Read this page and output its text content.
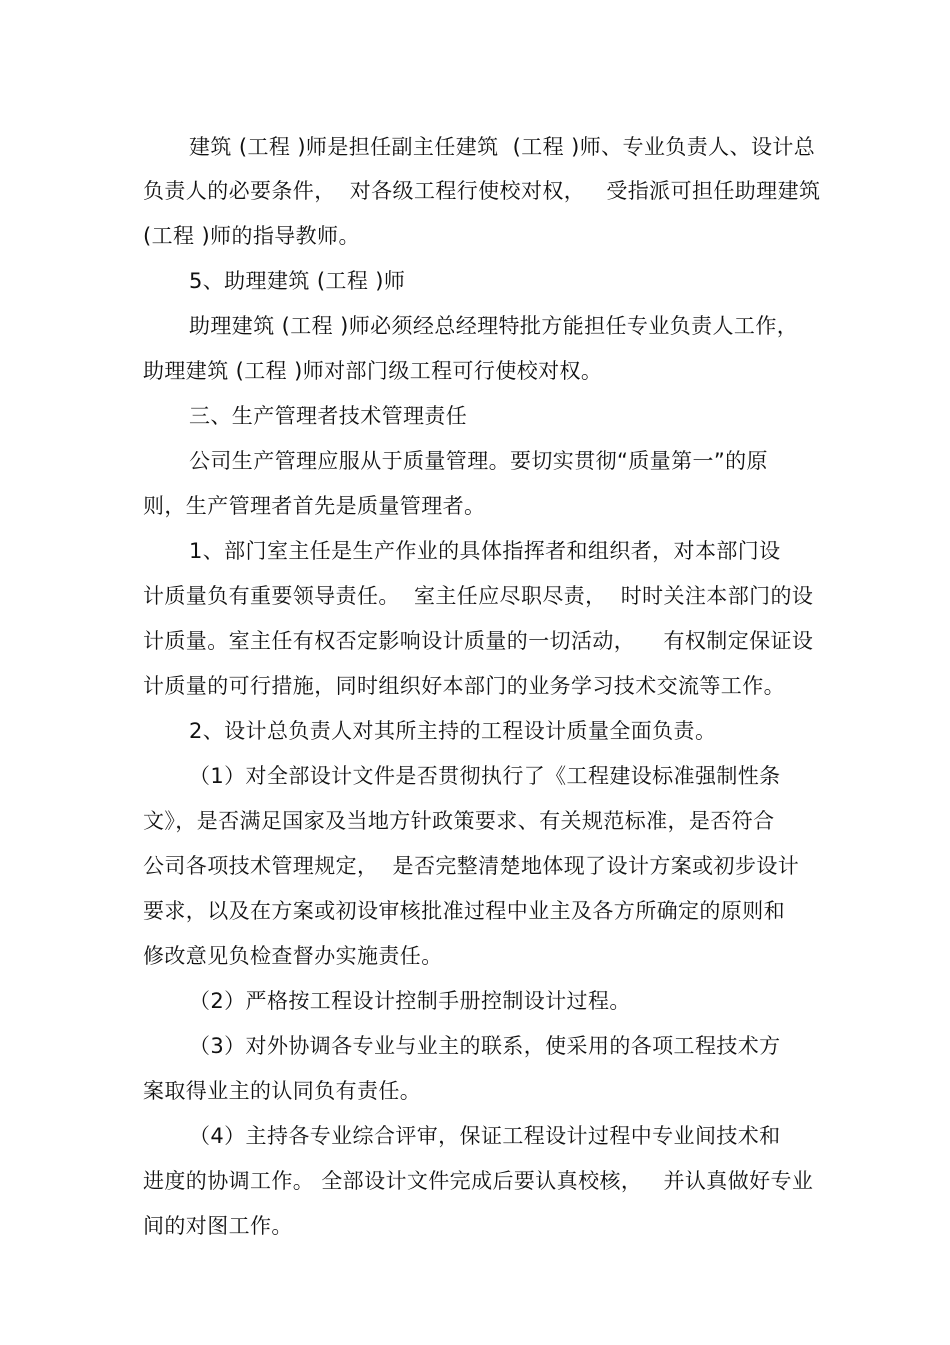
建筑 (工程 )师是担任副主任建筑  (工程 )师、专业负责人、设计总
负责人的必要条件，  对各级工程行使校对权，   受指派可担任助理建筑
(工程 )师的指导教师。
5、助理建筑 (工程 )师
助理建筑 (工程 )师必须经总经理特批方能担任专业负责人工作，
助理建筑 (工程 )师对部门级工程可行使校对权。
三、生产管理者技术管理责任
公司生产管理应服从于质量管理。要切实贯彻“质量第一”的原
则，生产管理者首先是质量管理者。
1、部门室主任是生产作业的具体指挥者和组织者，对本部门设
计质量负有重要领导责任。  室主任应尽职尽责，  时时关注本部门的设
计质量。室主任有权否定影响设计质量的一切活动，    有权制定保证设
计质量的可行措施，同时组织好本部门的业务学习技术交流等工作。
2、设计总负责人对其所主持的工程设计质量全面负责。
（1）对全部设计文件是否贯彻执行了《工程建设标准强制性条
文》，是否满足国家及当地方针政策要求、有关规范标准，是否符合
公司各项技术管理规定，  是否完整清楚地体现了设计方案或初步设计
要求，以及在方案或初设审核批准过程中业主及各方所确定的原则和
修改意见负检查督办实施责任。
（2）严格按工程设计控制手册控制设计过程。
（3）对外协调各专业与业主的联系，使采用的各项工程技术方
案取得业主的认同负有责任。
（4）主持各专业综合评审，保证工程设计过程中专业间技术和
进度的协调工作。 全部设计文件完成后要认真校核，   并认真做好专业
间的对图工作。
